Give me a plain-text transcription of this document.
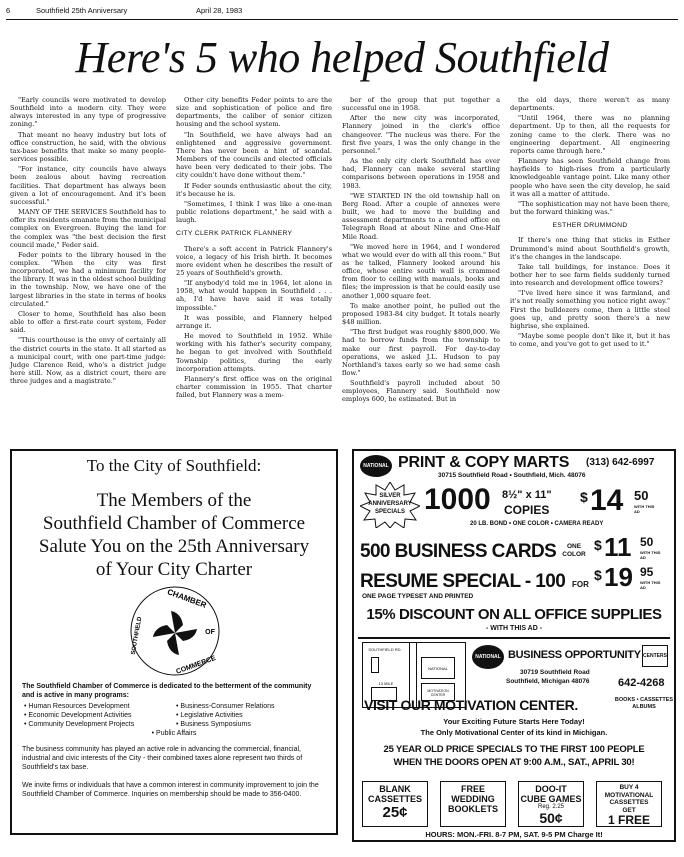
6	Southfield 25th Anniversary	April 28, 1983
Here's 5 who helped Southfield

"Early councils were motivated to develop Southfield into a modern city. They were always interested in any type of progressive zoning."

That meant no heavy industry but lots of office construction, he said, with the obvious tax-base benefits that make so many people-services possible.

"For instance, city councils have always been zealous about having recreation facilities. That department has always been given a lot of encouragement. And it's been successful."

MANY OF THE SERVICES Southfield has to offer its residents emanate from the municipal complex on Evergreen. Buying the land for the complex was "the best decision the first council made," Feder said.

Feder points to the library housed in the complex. "When the city was first incorporated, we had a minimum facility for the library. It was in the oldest school building in the township. Now, we have one of the largest libraries in the state in terms of books circulated."

Closer to home, Southfield has also been able to offer a first-rate court system, Feder said.

"This courthouse is the envy of certainly all the district courts in the state. It all started as a municipal court, with one part-time judge: Judge Clarence Reid, who's a district judge here still. Now, as a district court, there are three judges and a magistrate."

Other city benefits Feder points to are the size and sophistication of police and fire departments, the caliber of senior citizen housing and the school system.

"In Southfield, we have always had an enlightened and aggressive government. There has never been a hint of scandal. Members of the councils and elected officials have been very dedicated to their jobs. The city couldn't have done without them."

If Feder sounds enthusiastic about the city, it's because he is.

"Sometimes, I think I was like a one-man public relations department," he said with a laugh.

CITY CLERK PATRICK FLANNERY

There's a soft accent in Patrick Flannery's voice, a legacy of his Irish birth. It becomes more evident when he describes the result of 25 years of Southfield's growth.

"If anybody'd told me in 1964, let alone in 1958, what would happen in Southfield . . . ah, I'd have have said it was totally impossible."

It was possible, and Flannery helped arrange it.

He moved to Southfield in 1952. While working with his father's security company, he began to get involved with Southfield Township politics, during the early incorporation attempts.

Flannery's first office was on the original charter commission in 1955. That charter failed, but Flannery was a mem-

ber of the group that put together a successful one in 1958.

After the new city was incorporated, Flannery joined in the clerk's office changeover. "The nucleus was there. For the first five years, I was the only change in the personnel."

As the only city clerk Southfield has ever had, Flannery can make several startling comparisons between operations in 1958 and 1983.

"WE STARTED IN the old township hall on Berg Road. After a couple of annexes were built, we had to move the building and assessment departments to a rented office on Telegraph Road at about Nine and One-Half Mile Road.

"We moved here in 1964, and I wondered what we would ever do with all this room." But as he talked, Flannery looked around his office, whose entire south wall is crammed from floor to ceiling with manuals, books and files; the impression is that he could easily use another 1,000 square feet.

To make another point, he pulled out the proposed 1983-84 city budget. It totals nearly $48 million.

"The first budget was roughly $800,000. We had to borrow funds from the township to make our first payroll. For day-to-day operations, we asked J.L. Hudson to pay Northland's taxes early so we had some cash flow."

Southfield's payroll included about 50 employees, Flannery said. Southfield now employs 600, he estimated. But in

the old days, there weren't as many departments.

"Until 1964, there was no planning department. Up to then, all the requests for zoning came to the clerk. There was no engineering department. All engineering reports came through here."

Flannery has seen Southfield change from hayfields to high-rises from a particularly knowledgeable vantage point. Like many other people who have seen the city develop, he said it was all a matter of attitude.

"The sophistication may not have been there, but the forward thinking was."

ESTHER DRUMMOND

If there's one thing that sticks in Esther Drummond's mind about Southfield's growth, it's the changes in the landscape.

Take tall buildings, for instance. Does it bother her to see farm fields suddenly turned into research and development office towers?

"I've lived here since it was farmland, and it's not really something you notice right away." First the bulldozers come, then a little steel goes up, and pretty soon there's a new highrise, she explained.

"Maybe some people don't like it, but it has to come, and you've got to get used to it."

To the City of Southfield:
The Members of the
Southfield Chamber of Commerce
Salute You on the 25th Anniversary
of Your City Charter
CHAMBER
OF
COMMERCE
SOUTHFIELD
The Southfield Chamber of Commerce is dedicated to the betterment of the community and is active in many programs:
• Human Resources Development
• Economic Development Activities
• Community Development Projects
• Business-Consumer Relations
• Legislative Activities
• Business Symposiums
• Public Affairs
The business community has played an active role in advancing the commercial, financial, industrial and civic interests of the City - their combined taxes alone represent two thirds of Southfield's tax base.
We invite firms or individuals that have a common interest in community improvement to join the Southfield Chamber of Commerce. Inquiries on membership should be made to 356-0400.
NATIONAL PRINT & COPY MARTS (313) 642-6997
30715 Southfield Road • Southfield, Mich. 48076
SILVER
ANNIVERSARY
SPECIALS 1000 8½" x 11"
COPIES
$ 14 50
WITH THIS AD
20 LB. BOND • ONE COLOR • CAMERA READY
500 BUSINESS CARDS	ONE COLOR
$ 11 50
WITH THIS AD
RESUME SPECIAL - 100 FOR
$ 19 95
WITH THIS AD
ONE PAGE TYPESET AND PRINTED
15% DISCOUNT ON ALL OFFICE SUPPLIES
- WITH THIS AD -
SOUTHFIELD RD.
NATIONAL
MOTIVATION CENTER
13 MILE
NATIONAL BUSINESS OPPORTUNITY CENTERS
30719 Southfield Road
Southfield, Michigan 48076	642-4268
VISIT OUR MOTIVATION CENTER.	BOOKS • CASSETTES
ALBUMS
Your Exciting Future Starts Here Today!
The Only Motivational Center of its kind in Michigan.
25 YEAR OLD PRICE SPECIALS TO THE FIRST 100 PEOPLE
WHEN THE DOORS OPEN AT 9:00 A.M., SAT., APRIL 30!
BLANK
CASSETTES
25¢
FREE
WEDDING
BOOKLETS
DOO-IT
CUBE GAMES
Reg. 2.25
50¢
BUY 4
MOTIVATIONAL
CASSETTES
GET
1 FREE
HOURS: MON.-FRI. 8-7 PM, SAT. 9-5 PM Charge It!
